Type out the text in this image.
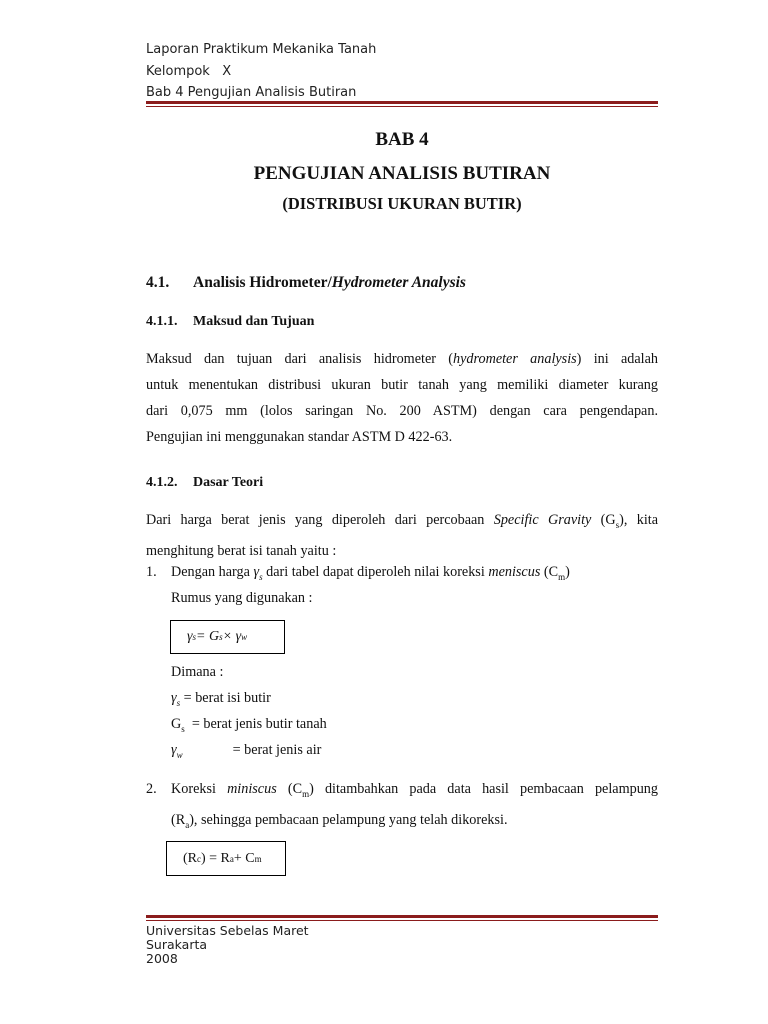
Laporan Praktikum Mekanika Tanah
Kelompok X
Bab 4 Pengujian Analisis Butiran
BAB 4
PENGUJIAN ANALISIS BUTIRAN
(DISTRIBUSI UKURAN BUTIR)
4.1. Analisis Hidrometer/Hydrometer Analysis
4.1.1. Maksud dan Tujuan
Maksud dan tujuan dari analisis hidrometer (hydrometer analysis) ini adalah
untuk menentukan distribusi ukuran butir tanah yang memiliki diameter kurang
dari 0,075 mm (lolos saringan No. 200 ASTM) dengan cara pengendapan.
Pengujian ini menggunakan standar ASTM D 422-63.
4.1.2. Dasar Teori
Dari harga berat jenis yang diperoleh dari percobaan Specific Gravity $(G_s)$, kita
menghitung berat isi tanah yaitu :
1.	Dengan harga $\gamma_s$ dari tabel dapat diperoleh nilai koreksi meniscus $(C_m)$
Rumus yang digunakan :
γ s = G s × γ w
Dimana :
$\gamma_s$ = berat isi butir
$G_s$  = berat jenis butir tanah
$\gamma_w$	= berat jenis air
2.	Koreksi miniscus $(C_m)$ ditambahkan pada data hasil pembacaan pelampung
$(R_a)$, sehingga pembacaan pelampung yang telah dikoreksi.
(R c ) = R a + C m
Universitas Sebelas Maret
Surakarta
2008
